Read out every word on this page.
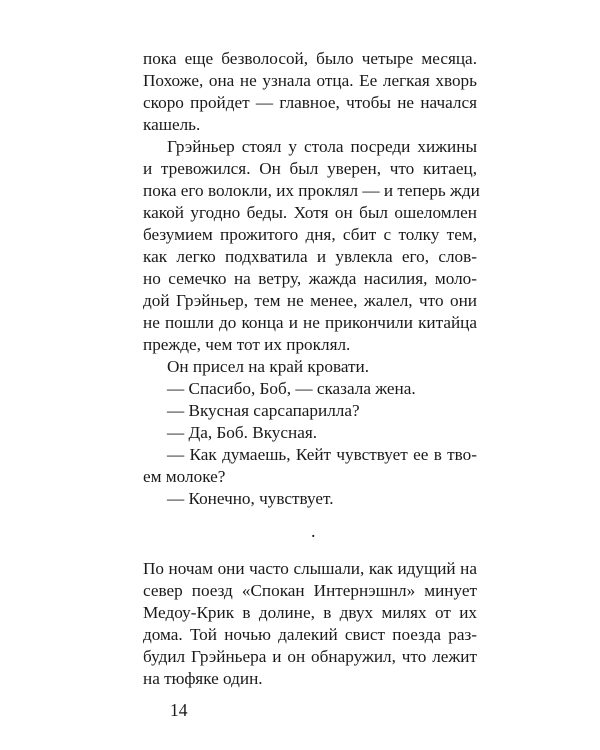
пока еще безволосой, было четыре месяца.

Похоже, она не узнала отца. Ее легкая хворь

скоро пройдет — главное, чтобы не начался

кашель.

Грэйньер стоял у стола посреди хижины

и тревожился. Он был уверен, что китаец,

пока его волокли, их проклял — и теперь жди

какой угодно беды. Хотя он был ошеломлен

безумием прожитого дня, сбит с толку тем,

как легко подхватила и увлекла его, слов-

но семечко на ветру, жажда насилия, моло-

дой Грэйньер, тем не менее, жалел, что они

не пошли до конца и не прикончили китайца

прежде, чем тот их проклял.

Он присел на край кровати.

— Спасибо, Боб, — сказала жена.

— Вкусная сарсапарилла?

— Да, Боб. Вкусная.

— Как думаешь, Кейт чувствует ее в тво-

ем молоке?

— Конечно, чувствует.

.

По ночам они часто слышали, как идущий на

север поезд «Спокан Интернэшнл» минует

Медоу-Крик в долине, в двух милях от их

дома. Той ночью далекий свист поезда раз-

будил Грэйньера и он обнаружил, что лежит

на тюфяке один.

14
